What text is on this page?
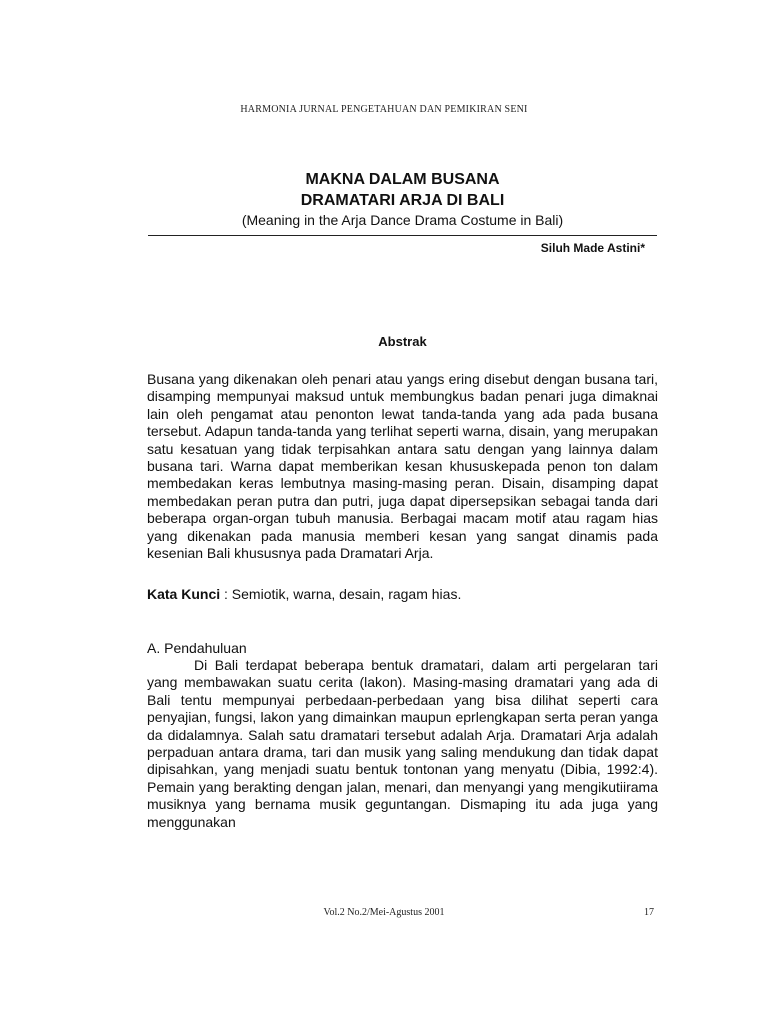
HARMONIA JURNAL PENGETAHUAN DAN PEMIKIRAN SENI
MAKNA DALAM BUSANA
DRAMATARI ARJA DI BALI
(Meaning in the Arja Dance Drama Costume in Bali)
Siluh Made Astini*
Abstrak
Busana yang dikenakan oleh penari atau yangs ering disebut dengan busana tari, disamping mempunyai maksud untuk membungkus badan penari juga dimaknai lain oleh pengamat atau penonton lewat tanda-tanda yang ada pada busana tersebut. Adapun tanda-tanda yang terlihat seperti warna, disain, yang merupakan satu kesatuan yang tidak terpisahkan antara satu dengan yang lainnya dalam busana tari. Warna dapat memberikan kesan khususkepada penon ton dalam membedakan keras lembutnya masing-masing peran. Disain, disamping dapat membedakan peran putra dan putri, juga dapat dipersepsikan sebagai tanda dari beberapa organ-organ tubuh manusia. Berbagai macam motif atau ragam hias yang dikenakan pada manusia memberi kesan yang sangat dinamis pada kesenian Bali khususnya pada Dramatari Arja.
Kata Kunci : Semiotik, warna, desain, ragam hias.
A. Pendahuluan
Di Bali terdapat beberapa bentuk dramatari, dalam arti pergelaran tari yang membawakan suatu cerita (lakon). Masing-masing dramatari yang ada di Bali tentu mempunyai perbedaan-perbedaan yang bisa dilihat seperti cara penyajian, fungsi, lakon yang dimainkan maupun eprlengkapan serta peran yanga da didalamnya. Salah satu dramatari tersebut adalah Arja. Dramatari Arja adalah perpaduan antara drama, tari dan musik yang saling mendukung dan tidak dapat dipisahkan, yang menjadi suatu bentuk tontonan yang menyatu (Dibia, 1992:4). Pemain yang berakting dengan jalan, menari, dan menyangi yang mengikutiirama musiknya yang bernama musik geguntangan. Dismaping itu ada juga yang menggunakan
Vol.2 No.2/Mei-Agustus 2001	17
